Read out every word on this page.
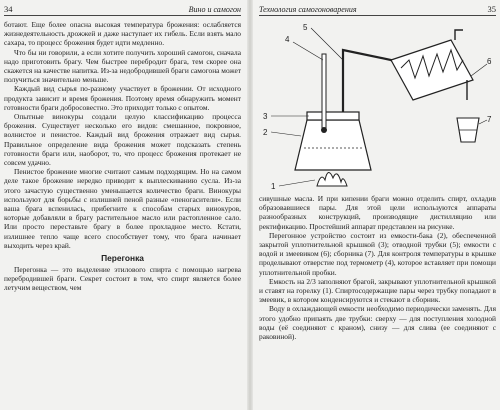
34	Вино и самогон

ботают. Еще более опасна высокая температура брожения: ослабляется жизнедеятельность дрожжей и даже наступает их гибель. Если взять мало сахара, то процесс брожения будет идти медленно.

Что бы ни говорили, а если хотите получить хороший самогон, сначала надо приготовить брагу. Чем быстрее перебродит брага, тем скорее она скажется на качестве напитка. Из-за недобродившей браги самогона может получиться значительно меньше.

Каждый вид сырья по-разному участвует в брожении. От исходного продукта зависит и время брожения. Поэтому время обнаружить момент готовности браги добросовестно. Это приходит только с опытом.

Опытные винокуры создали целую классификацию процесса брожения. Существует несколько его видов: смешанное, покровное, волнистое и пенистое. Каждый вид брожения отражает вид сырья. Правильное определение вида брожения может подсказать степень готовности браги или, наоборот, то, что процесс брожения протекает не совсем удачно.

Пенистое брожение многие считают самым подходящим. Но на самом деле такое брожение нередко приводит к выплескиванию сусла. Из-за этого зачастую существенно уменьшается количество браги. Винокуры используют для борьбы с излишней пеной разные «пеногасители». Если ваша брага вспенилась, прибегните к способам старых винокуров, которые добавляли в брагу растительное масло или растопленное сало. Или просто переставьте брагу в более прохладное место. Кстати, излишнее тепло чаще всего способствует тому, что брага начинает выходить через край.

Перегонка

Перегонка — это выделение этилового спирта с помощью нагрева перебродившей браги. Секрет состоит в том, что спирт является более летучим веществом, чем

Технология самогоноварения	35
1
2
3
4
5
6
7

сивушные масла. И при кипении браги можно отделить спирт, охладив образовавшиеся пары. Для этой цели используются аппараты разнообразных конструкций, производящие дистилляцию или ректификацию. Простейший аппарат представлен на рисунке.

Перегонное устройство состоит из емкости-бака (2), обеспеченной закрытой уплотнительной крышкой (3); отводной трубки (5); емкости с водой и змеевиком (6); сборника (7). Для контроля температуры в крышке проделывают отверстие под термометр (4), которое вставляет при помощи уплотнительной пробки.

Емкость на 2/3 заполняют брагой, закрывают уплотнительной крышкой и ставят на горелку (1). Спиртосодержащие пары через трубку попадают в змеевик, в котором конденсируются и стекают в сборник.

Воду в охлаждающей емкости необходимо периодически заменять. Для этого удобно припаять две трубки: сверху — для поступления холодной воды (её соединяют с краном), снизу — для слива (ее соединяют с раковиной).
